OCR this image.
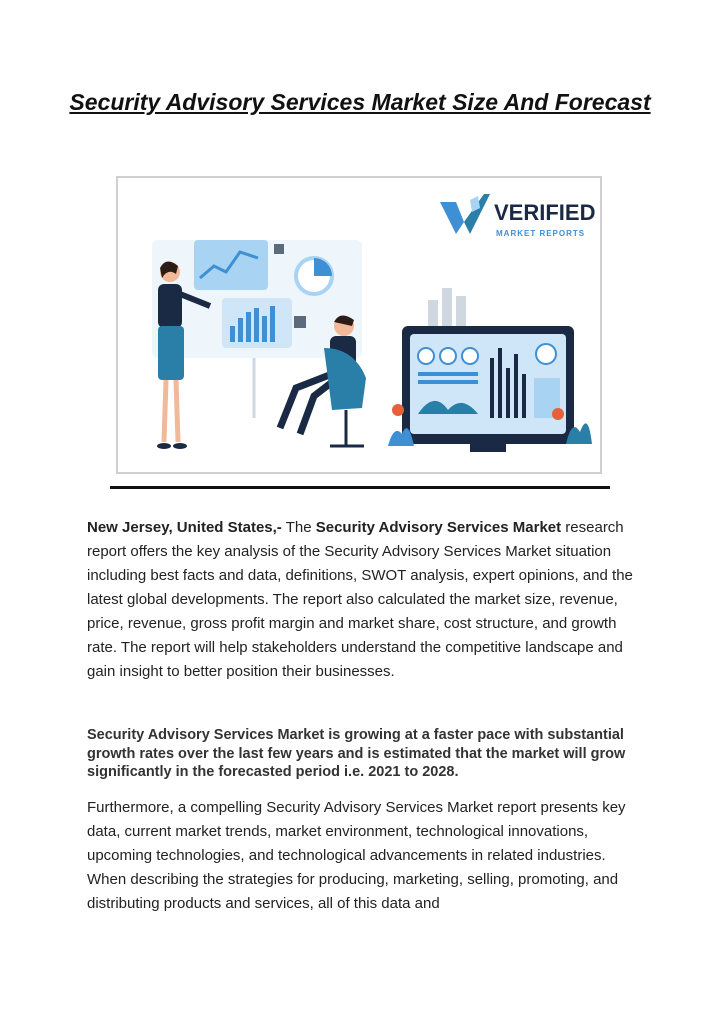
Security Advisory Services Market Size And Forecast
VERIFIED
MARKET REPORTS

New Jersey, United States,- The Security Advisory Services Market research report offers the key analysis of the Security Advisory Services Market situation including best facts and data, definitions, SWOT analysis, expert opinions, and the latest global developments. The report also calculated the market size, revenue, price, revenue, gross profit margin and market share, cost structure, and growth rate. The report will help stakeholders understand the competitive landscape and gain insight to better position their businesses.

Security Advisory Services Market is growing at a faster pace with substantial growth rates over the last few years and is estimated that the market will grow significantly in the forecasted period i.e. 2021 to 2028.

Furthermore, a compelling Security Advisory Services Market report presents key data, current market trends, market environment, technological innovations, upcoming technologies, and technological advancements in related industries. When describing the strategies for producing, marketing, selling, promoting, and distributing products and services, all of this data and
